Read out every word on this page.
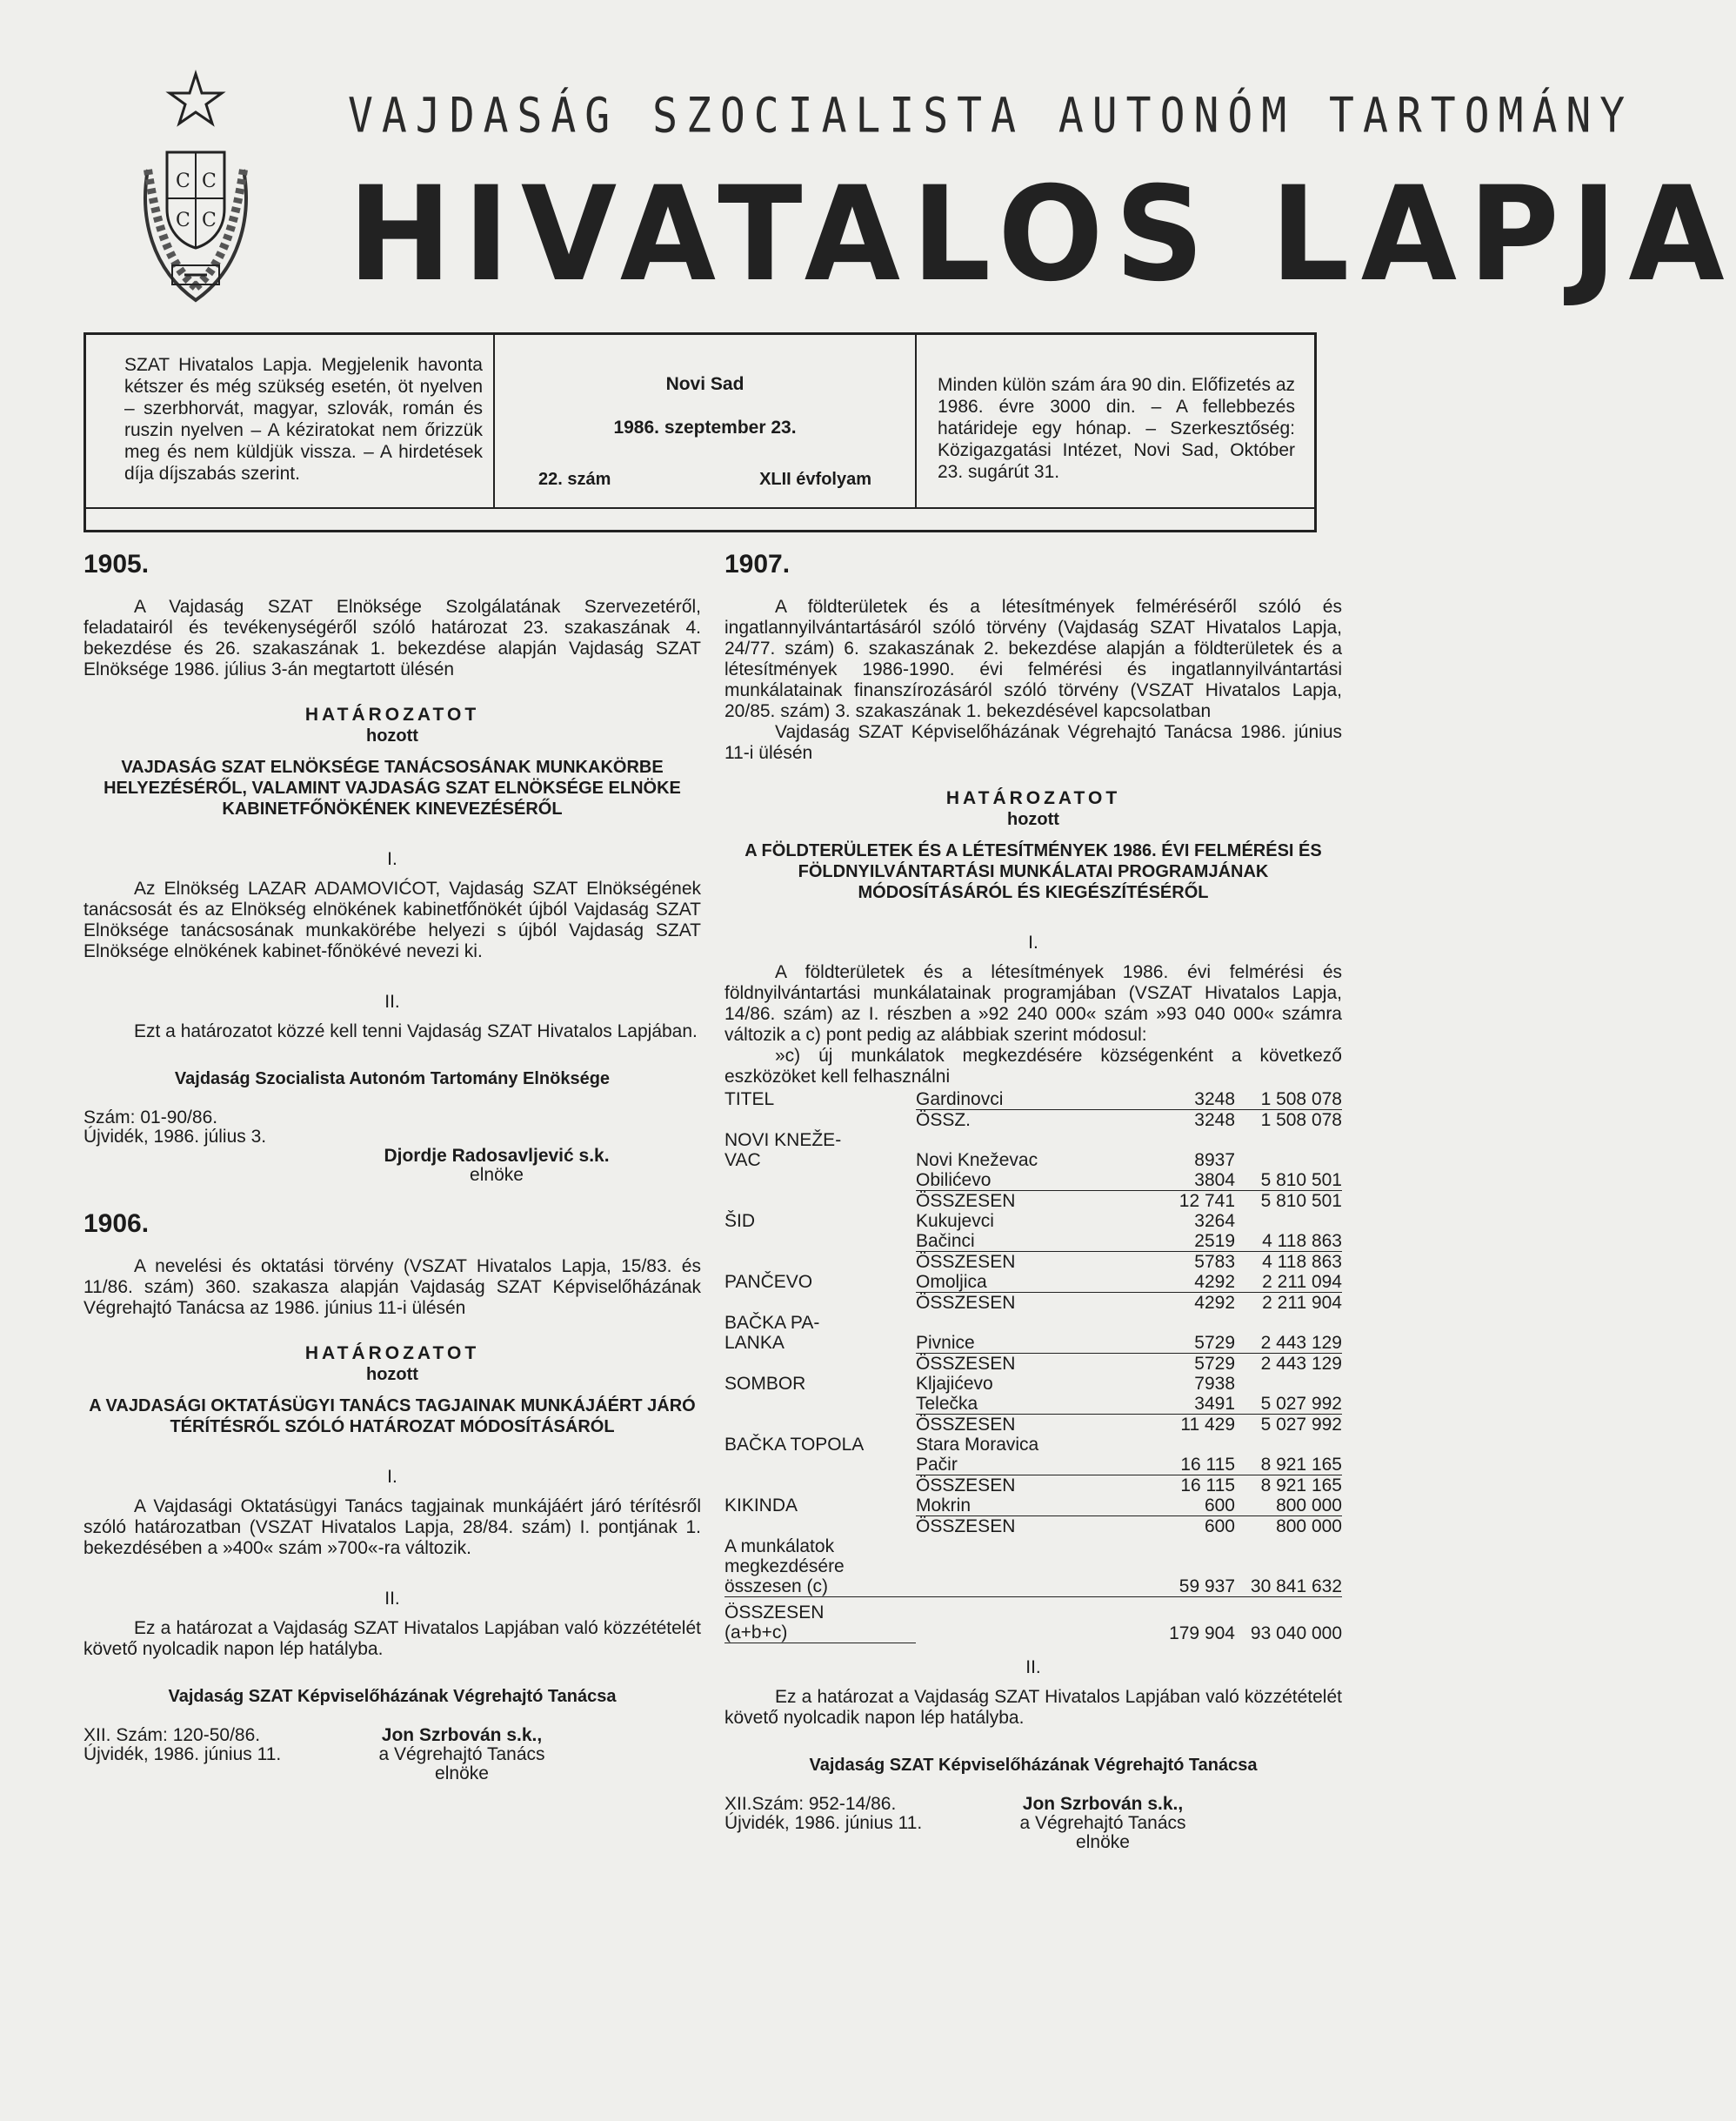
C C
C C
VAJDASÁG SZOCIALISTA AUTONÓM TARTOMÁNY
HIVATALOS LAPJA
SZAT Hivatalos Lapja. Megjelenik havonta kétszer és még szükség esetén, öt nyelven – szerbhorvát, magyar, szlovák, román és ruszin nyelven – A kéziratokat nem őrizzük meg és nem küldjük vissza. – A hirdetések díja díjszabás szerint.
Novi Sad
1986. szeptember 23.
22. szám	XLII évfolyam
Minden külön szám ára 90 din. Előfizetés az 1986. évre 3000 din. – A fellebbezés határideje egy hónap. – Szerkesztőség: Közigazgatási Intézet, Novi Sad, Október 23. sugárút 31.
1905.
A Vajdaság SZAT Elnöksége Szolgálatának Szervezetéről, feladatairól és tevékenységéről szóló határozat 23. szakaszának 4. bekezdése és 26. szakaszának 1. bekezdése alapján Vajdaság SZAT Elnöksége 1986. július 3-án megtartott ülésén
HATÁROZATOT
hozott
VAJDASÁG SZAT ELNÖKSÉGE TANÁCSOSÁNAK MUNKAKÖRBE HELYEZÉSÉRŐL, VALAMINT VAJDASÁG SZAT ELNÖKSÉGE ELNÖKE KABINETFŐNÖKÉNEK KINEVEZÉSÉRŐL
I.
Az Elnökség LAZAR ADAMOVIĆOT, Vajdaság SZAT Elnökségének tanácsosát és az Elnökség elnökének kabinetfőnökét újból Vajdaság SZAT Elnöksége tanácsosának munkakörébe helyezi s újból Vajdaság SZAT Elnöksége elnökének kabinet-főnökévé nevezi ki.
II.
Ezt a határozatot közzé kell tenni Vajdaság SZAT Hivatalos Lapjában.
Vajdaság Szocialista Autonóm Tartomány Elnöksége
Szám: 01-90/86.
Újvidék, 1986. július 3.
Djordje Radosavljević s.k.
elnöke
1906.
A nevelési és oktatási törvény (VSZAT Hivatalos Lapja, 15/83. és 11/86. szám) 360. szakasza alapján Vajdaság SZAT Képviselőházának Végrehajtó Tanácsa az 1986. június 11-i ülésén
HATÁROZATOT
hozott
A VAJDASÁGI OKTATÁSÜGYI TANÁCS TAGJAINAK MUNKÁJÁÉRT JÁRÓ TÉRÍTÉSRŐL SZÓLÓ HATÁROZAT MÓDOSÍTÁSÁRÓL
I.
A Vajdasági Oktatásügyi Tanács tagjainak munkájáért járó térítésről szóló határozatban (VSZAT Hivatalos Lapja, 28/84. szám) I. pontjának 1. bekezdésében a »400« szám »700«-ra változik.
II.
Ez a határozat a Vajdaság SZAT Hivatalos Lapjában való közzétételét követő nyolcadik napon lép hatályba.
Vajdaság SZAT Képviselőházának Végrehajtó Tanácsa
XII. Szám: 120-50/86.
Újvidék, 1986. június 11.
Jon Szrbován s.k.,
a Végrehajtó Tanács
elnöke
1907.
A földterületek és a létesítmények felméréséről szóló és ingatlannyilvántartásáról szóló törvény (Vajdaság SZAT Hivatalos Lapja, 24/77. szám) 6. szakaszának 2. bekezdése alapján a földterületek és a létesítmények 1986-1990. évi felmérési és ingatlannyilvántartási munkálatainak finanszírozásáról szóló törvény (VSZAT Hivatalos Lapja, 20/85. szám) 3. szakaszának 1. bekezdésével kapcsolatban
Vajdaság SZAT Képviselőházának Végrehajtó Tanácsa 1986. június 11-i ülésén
HATÁROZATOT
hozott
A FÖLDTERÜLETEK ÉS A LÉTESÍTMÉNYEK 1986. ÉVI FELMÉRÉSI ÉS FÖLDNYILVÁNTARTÁSI MUNKÁLATAI PROGRAMJÁNAK MÓDOSÍTÁSÁRÓL ÉS KIEGÉSZÍTÉSÉRŐL
I.
A földterületek és a létesítmények 1986. évi felmérési és földnyilvántartási munkálatainak programjában (VSZAT Hivatalos Lapja, 14/86. szám) az I. részben a »92 240 000« szám »93 040 000« számra változik a c) pont pedig az alábbiak szerint módosul:
»c) új munkálatok megkezdésére községenként a következő eszközöket kell felhasználni
TITEL	Gardinovci	3248	1 508 078
	ÖSSZ.	3248	1 508 078
NOVI KNEŽE-			
VAC	Novi Kneževac	8937	
	Obilićevo	3804	5 810 501
	ÖSSZESEN	12 741	5 810 501
ŠID	Kukujevci	3264	
	Bačinci	2519	4 118 863
	ÖSSZESEN	5783	4 118 863
PANČEVO	Omoljica	4292	2 211 094
	ÖSSZESEN	4292	2 211 904
BAČKA PA-			
LANKA	Pivnice	5729	2 443 129
	ÖSSZESEN	5729	2 443 129
SOMBOR	Kljajićevo	7938	
	Telečka	3491	5 027 992
	ÖSSZESEN	11 429	5 027 992
BAČKA TOPOLA	Stara Moravica		
	Pačir	16 115	8 921 165
	ÖSSZESEN	16 115	8 921 165
KIKINDA	Mokrin	600	800 000
	ÖSSZESEN	600	800 000
A munkálatok
megkezdésére
összesen (c)		59 937	30 841 632
ÖSSZESEN
(a+b+c)		179 904	93 040 000
II.
Ez a határozat a Vajdaság SZAT Hivatalos Lapjában való közzétételét követő nyolcadik napon lép hatályba.
Vajdaság SZAT Képviselőházának Végrehajtó Tanácsa
XII.Szám: 952-14/86.
Újvidék, 1986. június 11.
Jon Szrbován s.k.,
a Végrehajtó Tanács
elnöke
